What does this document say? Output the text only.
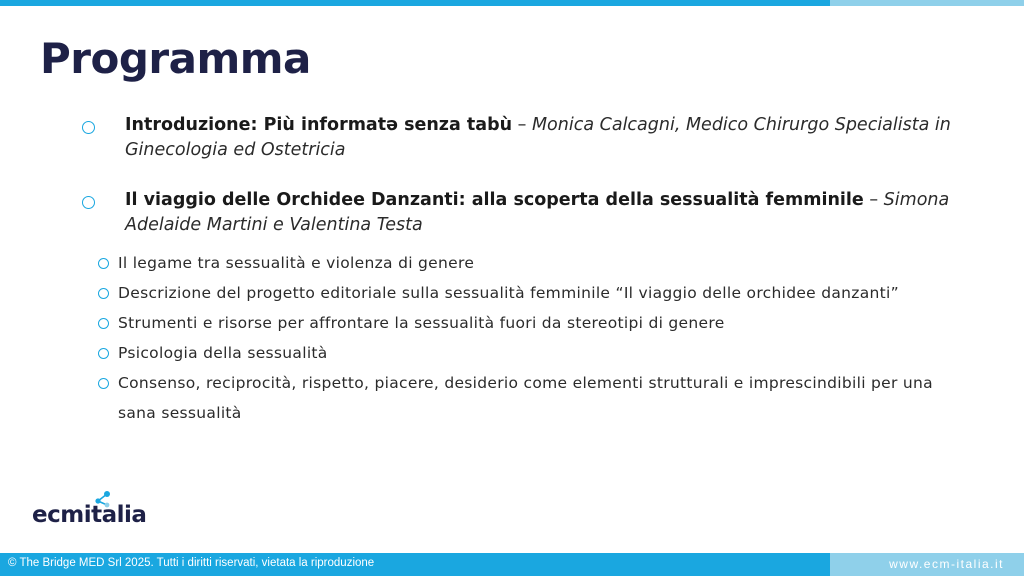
Programma
Introduzione: Più informatə senza tabù – Monica Calcagni, Medico Chirurgo Specialista in Ginecologia ed Ostetricia
Il viaggio delle Orchidee Danzanti: alla scoperta della sessualità femminile – Simona Adelaide Martini e Valentina Testa
Il legame tra sessualità e violenza di genere
Descrizione del progetto editoriale sulla sessualità femminile “Il viaggio delle orchidee danzanti”
Strumenti e risorse per affrontare la sessualità fuori da stereotipi di genere
Psicologia della sessualità
Consenso, reciprocità, rispetto, piacere, desiderio come elementi strutturali e imprescindibili per una sana sessualità
ecmitalia
© The Bridge MED Srl 2025. Tutti i diritti riservati, vietata la riproduzione	www.ecm-italia.it
